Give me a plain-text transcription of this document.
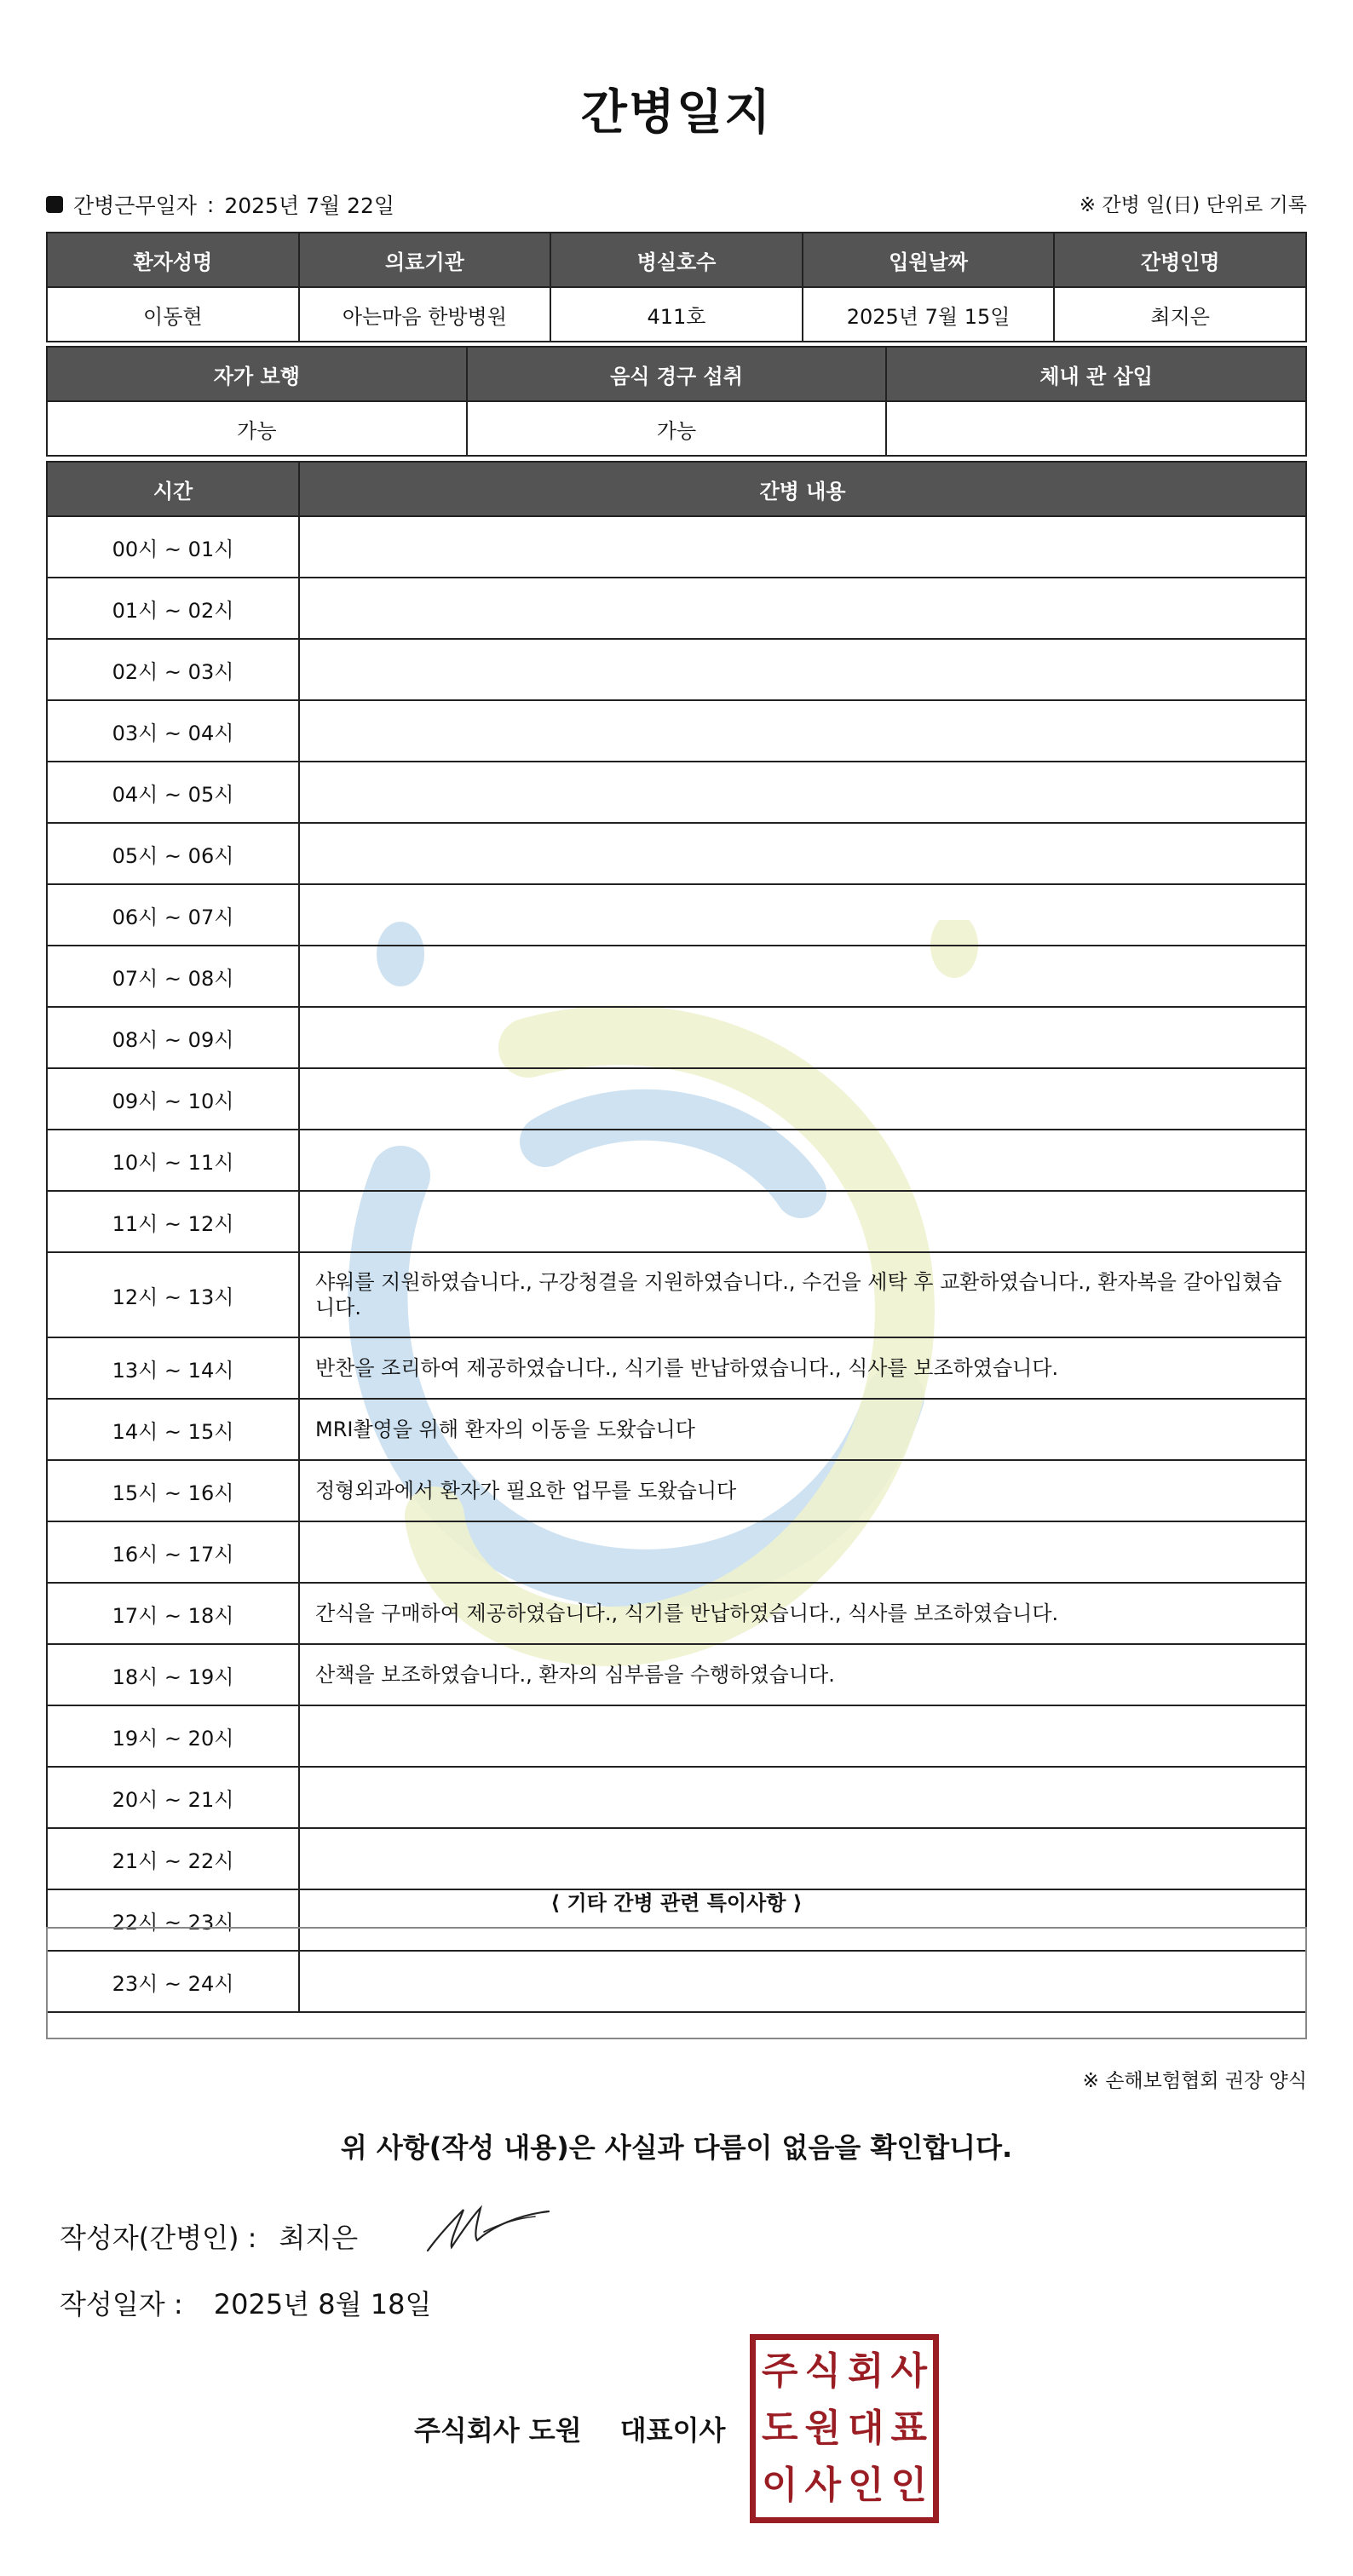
간병일지
간병근무일자 : 2025년 7월 22일	※ 간병 일(日) 단위로 기록
환자성명	의료기관	병실호수	입원날짜	간병인명
이동현	아는마음 한방병원	411호	2025년 7월 15일	최지은
자가 보행	음식 경구 섭취	체내 관 삽입
가능	가능	
시간	간병 내용
00시 ~ 01시	
01시 ~ 02시	
02시 ~ 03시	
03시 ~ 04시	
04시 ~ 05시	
05시 ~ 06시	
06시 ~ 07시	
07시 ~ 08시	
08시 ~ 09시	
09시 ~ 10시	
10시 ~ 11시	
11시 ~ 12시	
12시 ~ 13시	샤워를 지원하였습니다., 구강청결을 지원하였습니다., 수건을 세탁 후 교환하였습니다., 환자복을 갈아입혔습니다.
13시 ~ 14시	반찬을 조리하여 제공하였습니다., 식기를 반납하였습니다., 식사를 보조하였습니다.
14시 ~ 15시	MRI촬영을 위해 환자의 이동을 도왔습니다
15시 ~ 16시	정형외과에서 환자가 필요한 업무를 도왔습니다
16시 ~ 17시	
17시 ~ 18시	간식을 구매하여 제공하였습니다., 식기를 반납하였습니다., 식사를 보조하였습니다.
18시 ~ 19시	산책을 보조하였습니다., 환자의 심부름을 수행하였습니다.
19시 ~ 20시	
20시 ~ 21시	
21시 ~ 22시	
22시 ~ 23시	
23시 ~ 24시	
⟨ 기타 간병 관련 특이사항 ⟩
※ 손해보험협회 권장 양식
위 사항(작성 내용)은 사실과 다름이 없음을 확인합니다.
작성자(간병인) : 최지은
작성일자 : 2025년 8월 18일
주식회사 도원 대표이사
주 식 회 사
도 원 대 표
이 사 인 인
